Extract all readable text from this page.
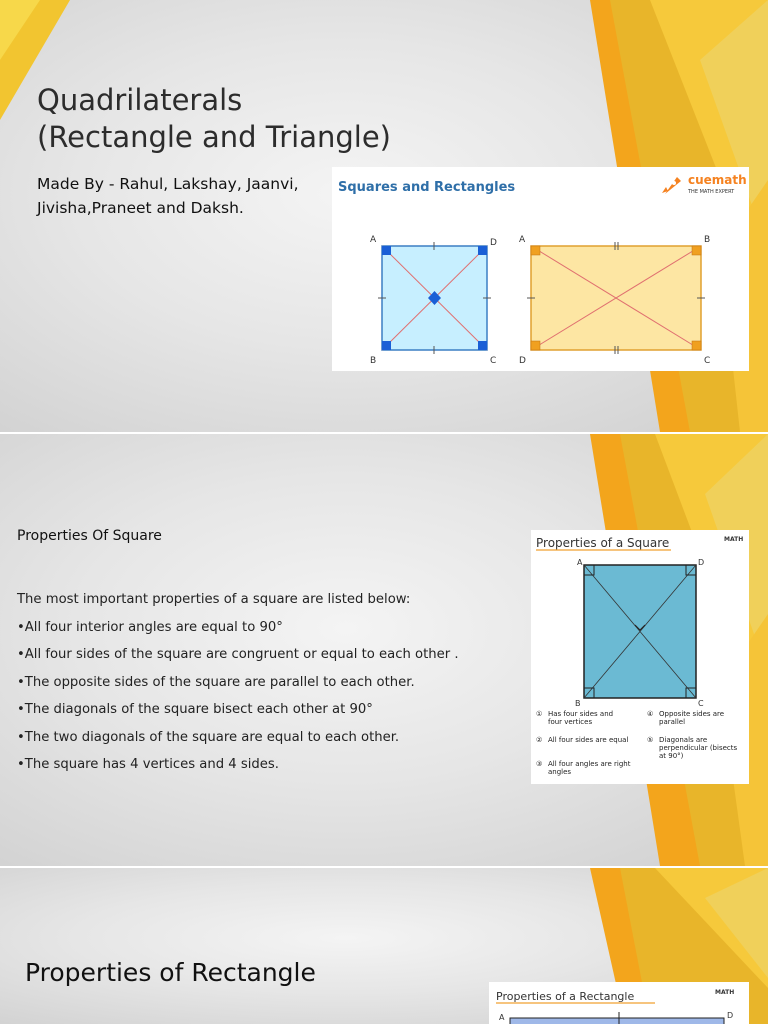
Quadrilaterals
(Rectangle and Triangle)
Made By - Rahul, Lakshay, Jaanvi,
Jivisha,Praneet and Daksh.
Squares and Rectangles	cuemath
THE MATH EXPERT
A	D
B	C
A	B
D	C
Properties Of Square
The most important properties of a square are listed below:
•All four interior angles are equal to 90°
•All four sides of the square are congruent or equal to each other .
•The opposite sides of the square are parallel to each other.
•The diagonals of the square bisect each other at 90°
•The two diagonals of the square are equal to each other.
•The square has 4 vertices and 4 sides.
Properties of a Square	MATH
A	D
B	C
① Has four sides and
four vertices
② All four sides are equal
③ All four angles are right
angles
④ Opposite sides are
parallel
⑤ Diagonals are
perpendicular (bisects
at 90°)
Properties of Rectangle
Properties of a Rectangle	MATH
A	D
